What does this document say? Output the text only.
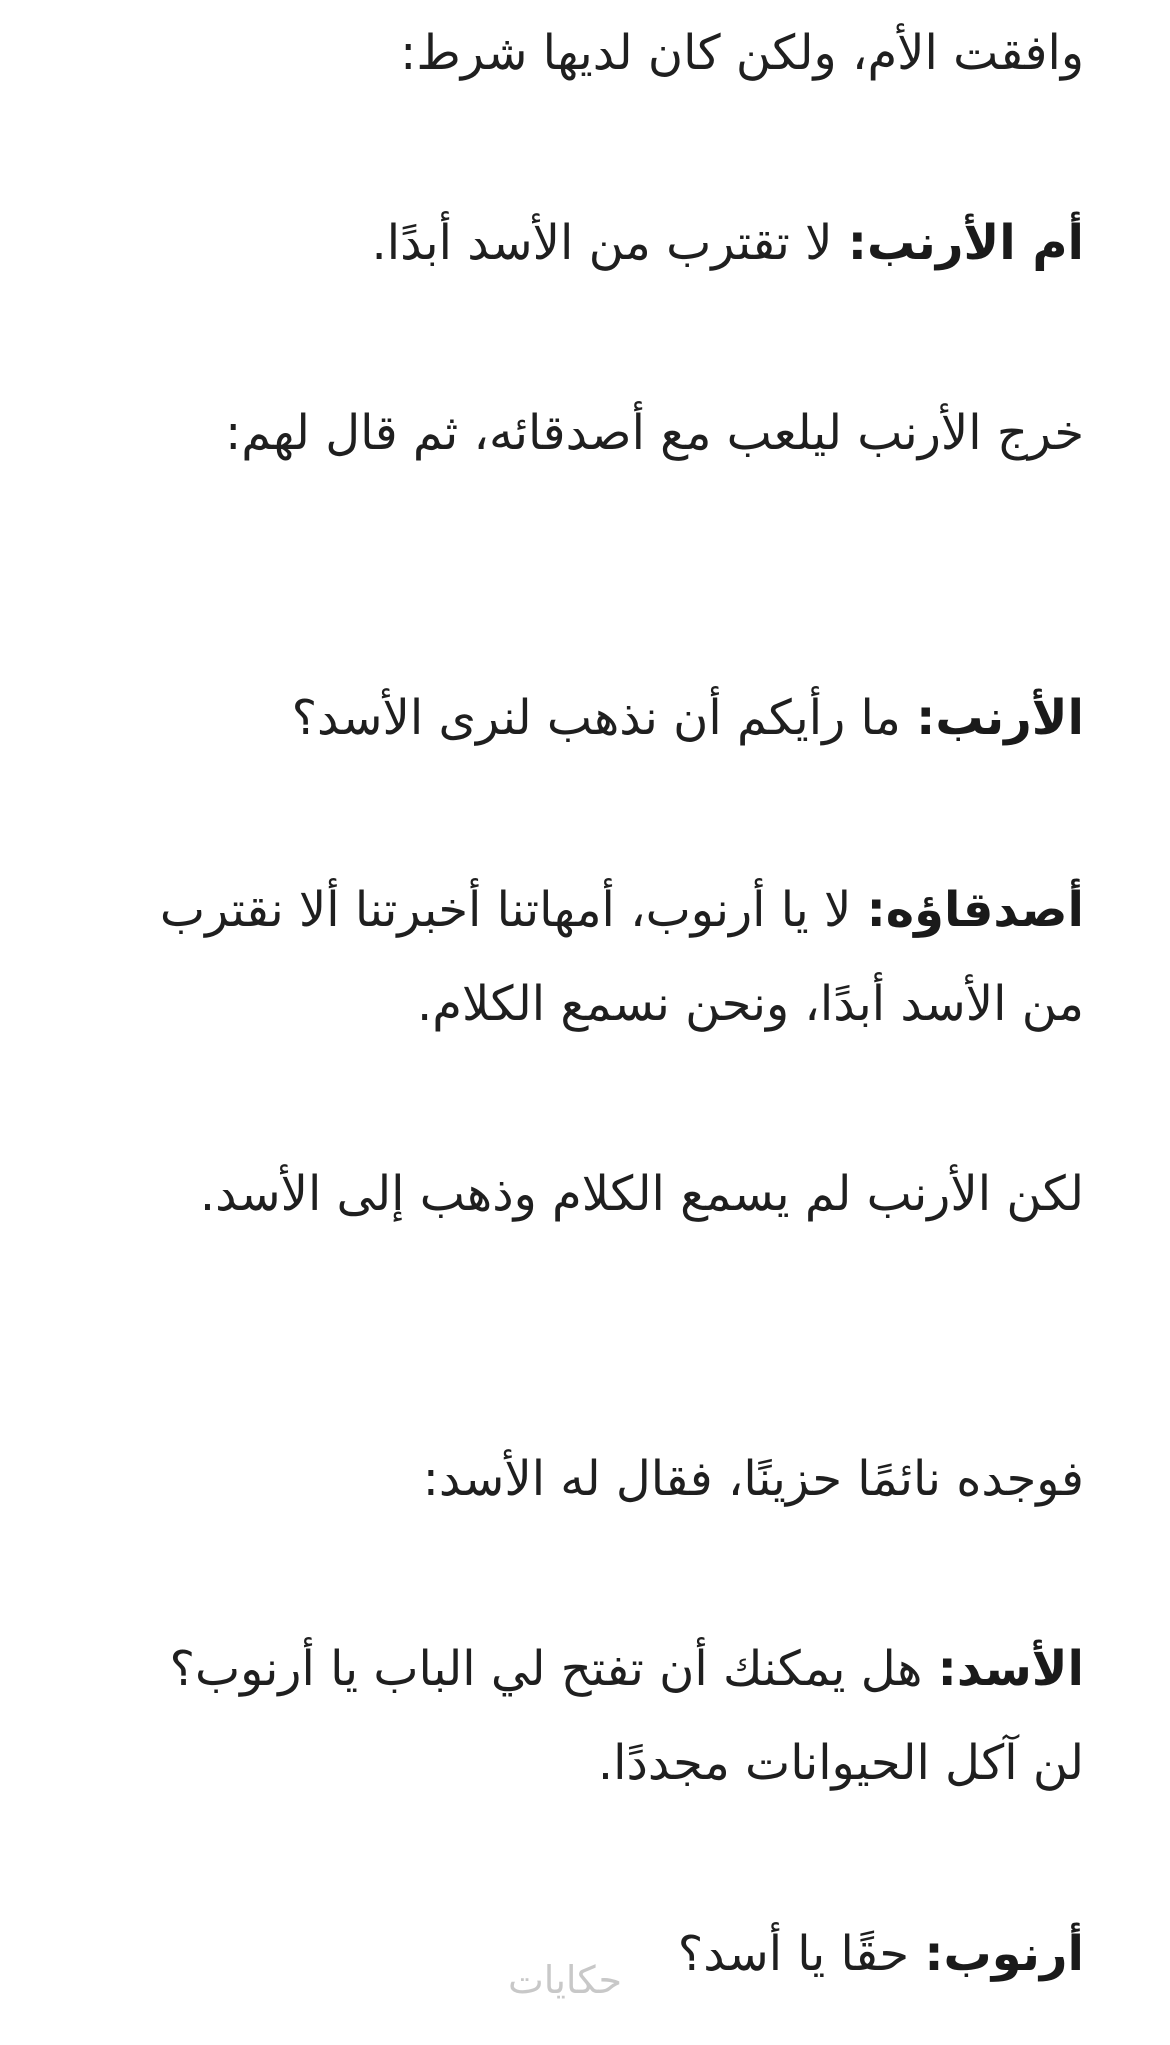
وافقت الأم، ولكن كان لديها شرط:

أم الأرنب: لا تقترب من الأسد أبدًا.

خرج الأرنب ليلعب مع أصدقائه، ثم قال لهم:

الأرنب: ما رأيكم أن نذهب لنرى الأسد؟

أصدقاؤه: لا يا أرنوب، أمهاتنا أخبرتنا ألا نقترب من الأسد أبدًا، ونحن نسمع الكلام.

لكن الأرنب لم يسمع الكلام وذهب إلى الأسد.

فوجده نائمًا حزينًا، فقال له الأسد:

الأسد: هل يمكنك أن تفتح لي الباب يا أرنوب؟ لن آكل الحيوانات مجددًا.

أرنوب: حقًا يا أسد؟

حكايات
